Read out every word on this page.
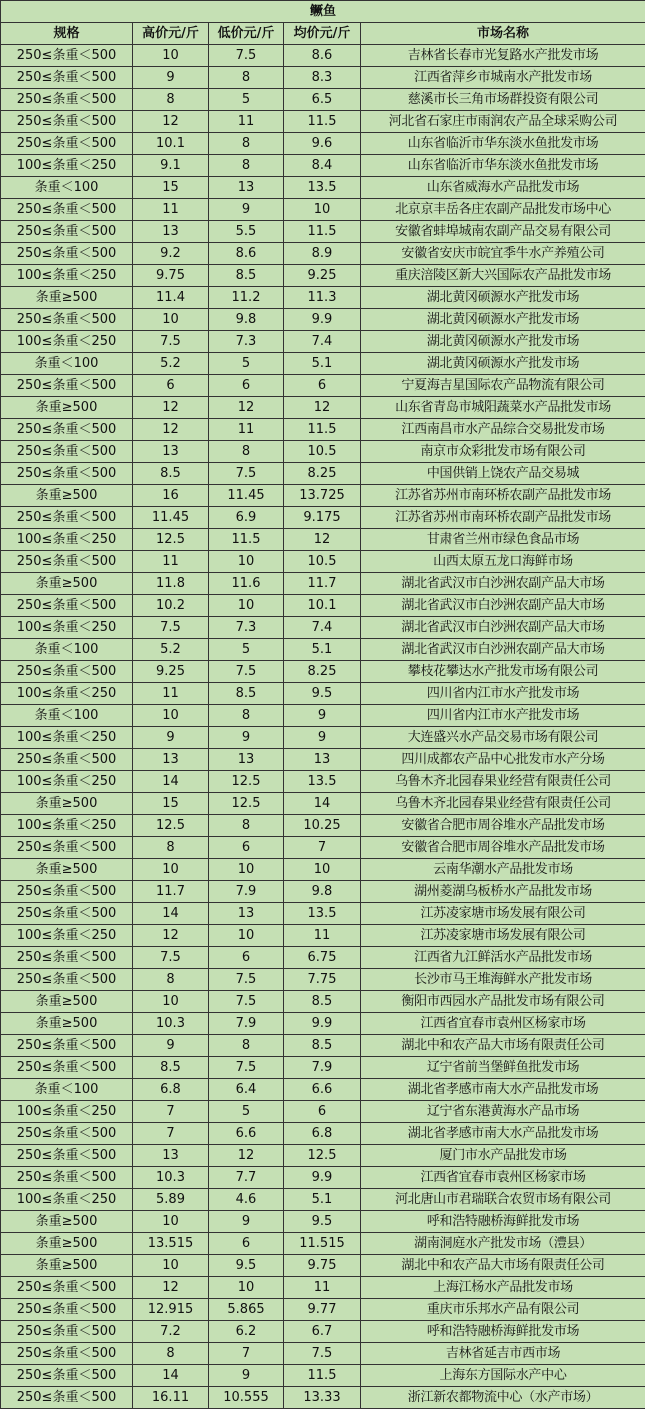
鳜鱼				
规格	高价元/斤	低价元/斤	均价元/斤	市场名称
250≤条重＜500	10	7.5	8.6	吉林省长春市光复路水产批发市场
250≤条重＜500	9	8	8.3	江西省萍乡市城南水产批发市场
250≤条重＜500	8	5	6.5	慈溪市长三角市场群投资有限公司
250≤条重＜500	12	11	11.5	河北省石家庄市雨润农产品全球采购公司
250≤条重＜500	10.1	8	9.6	山东省临沂市华东淡水鱼批发市场
100≤条重＜250	9.1	8	8.4	山东省临沂市华东淡水鱼批发市场
条重＜100	15	13	13.5	山东省威海水产品批发市场
250≤条重＜500	11	9	10	北京京丰岳各庄农副产品批发市场中心
250≤条重＜500	13	5.5	11.5	安徽省蚌埠城南农副产品交易有限公司
250≤条重＜500	9.2	8.6	8.9	安徽省安庆市皖宜季牛水产养殖公司
100≤条重＜250	9.75	8.5	9.25	重庆涪陵区新大兴国际农产品批发市场
条重≥500	11.4	11.2	11.3	湖北黄冈硕源水产批发市场
250≤条重＜500	10	9.8	9.9	湖北黄冈硕源水产批发市场
100≤条重＜250	7.5	7.3	7.4	湖北黄冈硕源水产批发市场
条重＜100	5.2	5	5.1	湖北黄冈硕源水产批发市场
250≤条重＜500	6	6	6	宁夏海吉星国际农产品物流有限公司
条重≥500	12	12	12	山东省青岛市城阳蔬菜水产品批发市场
250≤条重＜500	12	11	11.5	江西南昌市水产品综合交易批发市场
250≤条重＜500	13	8	10.5	南京市众彩批发市场有限公司
250≤条重＜500	8.5	7.5	8.25	中国供销上饶农产品交易城
条重≥500	16	11.45	13.725	江苏省苏州市南环桥农副产品批发市场
250≤条重＜500	11.45	6.9	9.175	江苏省苏州市南环桥农副产品批发市场
100≤条重＜250	12.5	11.5	12	甘肃省兰州市绿色食品市场
250≤条重＜500	11	10	10.5	山西太原五龙口海鲜市场
条重≥500	11.8	11.6	11.7	湖北省武汉市白沙洲农副产品大市场
250≤条重＜500	10.2	10	10.1	湖北省武汉市白沙洲农副产品大市场
100≤条重＜250	7.5	7.3	7.4	湖北省武汉市白沙洲农副产品大市场
条重＜100	5.2	5	5.1	湖北省武汉市白沙洲农副产品大市场
250≤条重＜500	9.25	7.5	8.25	攀枝花攀达水产批发市场有限公司
100≤条重＜250	11	8.5	9.5	四川省内江市水产批发市场
条重＜100	10	8	9	四川省内江市水产批发市场
100≤条重＜250	9	9	9	大连盛兴水产品交易市场有限公司
250≤条重＜500	13	13	13	四川成都农产品中心批发市水产分场
100≤条重＜250	14	12.5	13.5	乌鲁木齐北园春果业经营有限责任公司
条重≥500	15	12.5	14	乌鲁木齐北园春果业经营有限责任公司
100≤条重＜250	12.5	8	10.25	安徽省合肥市周谷堆水产品批发市场
250≤条重＜500	8	6	7	安徽省合肥市周谷堆水产品批发市场
条重≥500	10	10	10	云南华潮水产品批发市场
250≤条重＜500	11.7	7.9	9.8	湖州菱湖乌板桥水产品批发市场
250≤条重＜500	14	13	13.5	江苏凌家塘市场发展有限公司
100≤条重＜250	12	10	11	江苏凌家塘市场发展有限公司
250≤条重＜500	7.5	6	6.75	江西省九江鲜活水产品批发市场
250≤条重＜500	8	7.5	7.75	长沙市马王堆海鲜水产批发市场
条重≥500	10	7.5	8.5	衡阳市西园水产品批发市场有限公司
条重≥500	10.3	7.9	9.9	江西省宜春市袁州区杨家市场
250≤条重＜500	9	8	8.5	湖北中和农产品大市场有限责任公司
250≤条重＜500	8.5	7.5	7.9	辽宁省前当堡鲜鱼批发市场
条重＜100	6.8	6.4	6.6	湖北省孝感市南大水产品批发市场
100≤条重＜250	7	5	6	辽宁省东港黄海水产品市场
250≤条重＜500	7	6.6	6.8	湖北省孝感市南大水产品批发市场
250≤条重＜500	13	12	12.5	厦门市水产品批发市场
250≤条重＜500	10.3	7.7	9.9	江西省宜春市袁州区杨家市场
100≤条重＜250	5.89	4.6	5.1	河北唐山市君瑞联合农贸市场有限公司
条重≥500	10	9	9.5	呼和浩特融桥海鲜批发市场
条重≥500	13.515	6	11.515	湖南洞庭水产批发市场（澧县）
条重≥500	10	9.5	9.75	湖北中和农产品大市场有限责任公司
250≤条重＜500	12	10	11	上海江杨水产品批发市场
250≤条重＜500	12.915	5.865	9.77	重庆市乐邦水产品有限公司
250≤条重＜500	7.2	6.2	6.7	呼和浩特融桥海鲜批发市场
250≤条重＜500	8	7	7.5	吉林省延吉市西市场
250≤条重＜500	14	9	11.5	上海东方国际水产中心
250≤条重＜500	16.11	10.555	13.33	浙江新农都物流中心（水产市场）
